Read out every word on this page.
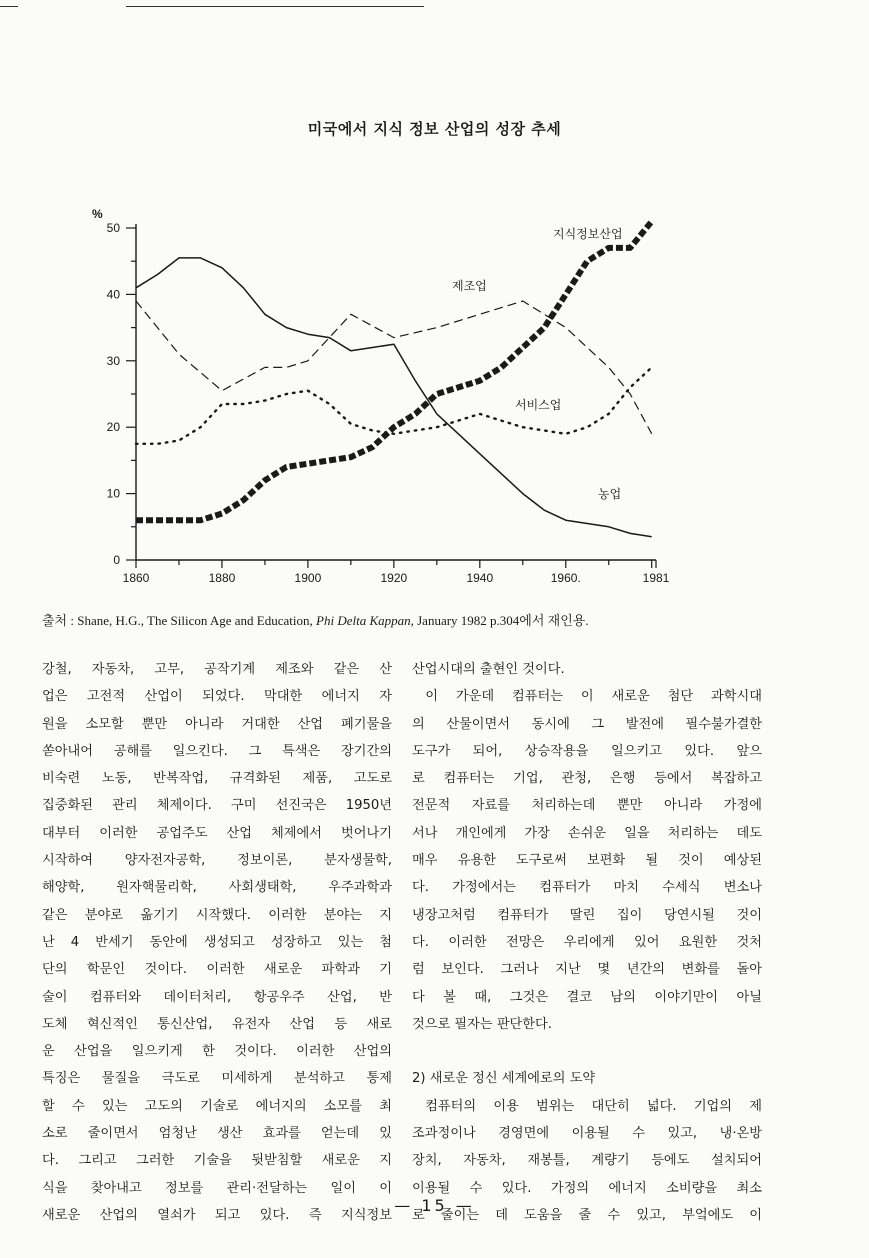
미국에서 지식 정보 산업의 성장 추세
0
10
20
30
40
50
%
1860	1880	1900	1920	1940	1960.	1981
지식정보산업
제조업
서비스업
농업
출처 : Shane, H.G., The Silicon Age and Education, Phi Delta Kappan, January 1982 p.304에서 재인용.
강철, 자동차, 고무, 공작기계 제조와 같은 산
업은 고전적 산업이 되었다. 막대한 에너지 자
원을 소모할 뿐만 아니라 거대한 산업 폐기물을
쏟아내어 공해를 일으킨다. 그 특색은 장기간의
비숙련 노동, 반복작업, 규격화된 제품, 고도로
집중화된 관리 체제이다. 구미 선진국은 1950년
대부터 이러한 공업주도 산업 체제에서 벗어나기
시작하여 양자전자공학, 정보이론, 분자생물학,
해양학, 원자핵물리학, 사회생태학, 우주과학과
같은 분야로 옮기기 시작했다. 이러한 분야는 지
난 4 반세기 동안에 생성되고 성장하고 있는 첨
단의 학문인 것이다. 이러한 새로운 파학과 기
술이 컴퓨터와 데이터처리, 항공우주 산업, 반
도체 혁신적인 통신산업, 유전자 산업 등 새로
운 산업을 일으키게 한 것이다. 이러한 산업의
특징은 물질을 극도로 미세하게 분석하고 통제
할 수 있는 고도의 기술로 에너지의 소모를 최
소로 줄이면서 엄청난 생산 효과를 얻는데 있
다. 그리고 그러한 기술을 뒷받침할 새로운 지
식을 찾아내고 정보를 관리·전달하는 일이 이
새로운 산업의 열쇠가 되고 있다. 즉 지식정보
산업시대의 출현인 것이다.
이 가운데 컴퓨터는 이 새로운 첨단 과학시대
의 산물이면서 동시에 그 발전에 필수불가결한
도구가 되어, 상승작용을 일으키고 있다. 앞으
로 컴퓨터는 기업, 관청, 은행 등에서 복잡하고
전문적 자료를 처리하는데 뿐만 아니라 가정에
서나 개인에게 가장 손쉬운 일을 처리하는 데도
매우 유용한 도구로써 보편화 될 것이 예상된
다. 가정에서는 컴퓨터가 마치 수세식 변소나
냉장고처럼 컴퓨터가 딸린 집이 당연시될 것이
다. 이러한 전망은 우리에게 있어 요원한 것처
럼 보인다. 그러나 지난 몇 년간의 변화를 돌아
다 볼 때, 그것은 결코 남의 이야기만이 아닐
것으로 필자는 판단한다.
2) 새로운 정신 세계에로의 도약
컴퓨터의 이용 범위는 대단히 넓다. 기업의 제
조과정이나 경영면에 이용될 수 있고, 냉·온방
장치, 자동차, 재봉틀, 계량기 등에도 설치되어
이용될 수 있다. 가정의 에너지 소비량을 최소
로 줄이는 데 도움을 줄 수 있고, 부엌에도 이
— 15 —
